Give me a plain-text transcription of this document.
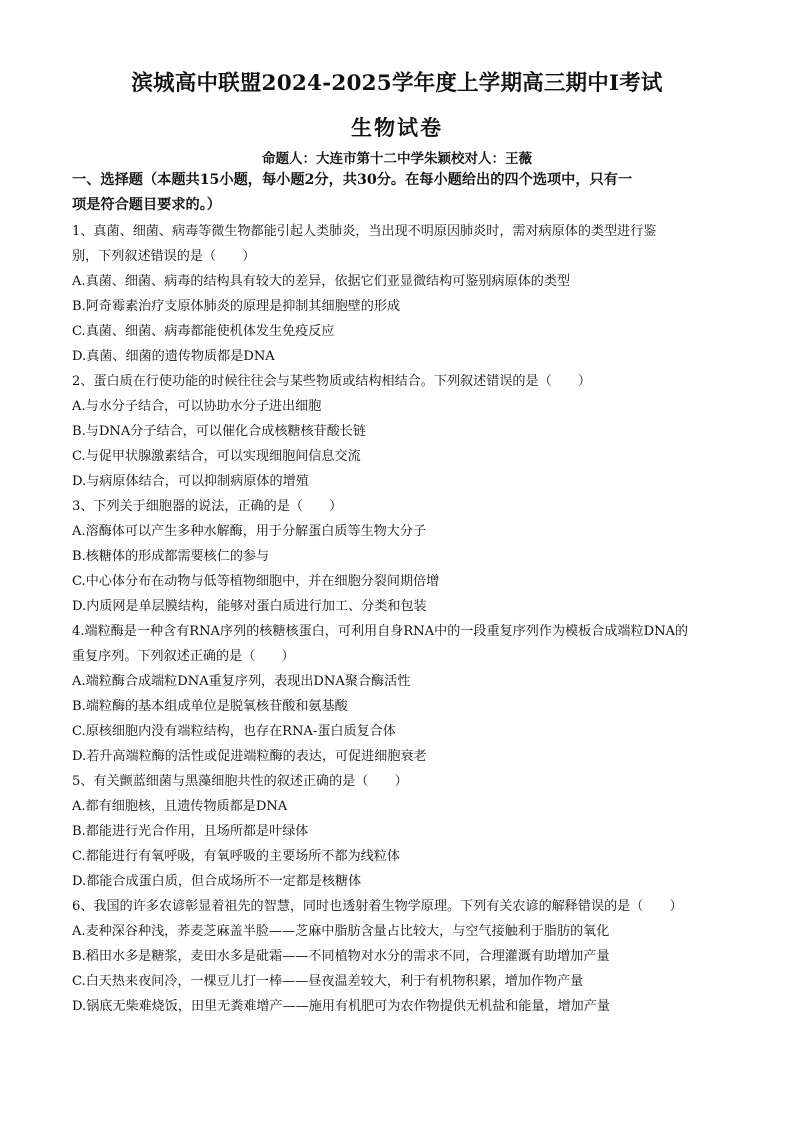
滨城高中联盟2024-2025学年度上学期高三期中Ⅰ考试
生物试卷
命题人：大连市第十二中学朱颖校对人：王薇
一、选择题（本题共15小题，每小题2分，共30分。在每小题给出的四个选项中，只有一
项是符合题目要求的。）
1、真菌、细菌、病毒等微生物都能引起人类肺炎，当出现不明原因肺炎时，需对病原体的类型进行鉴
别，下列叙述错误的是（　　）
A.真菌、细菌、病毒的结构具有较大的差异，依据它们亚显微结构可鉴别病原体的类型
B.阿奇霉素治疗支原体肺炎的原理是抑制其细胞壁的形成
C.真菌、细菌、病毒都能使机体发生免疫反应
D.真菌、细菌的遗传物质都是DNA
2、蛋白质在行使功能的时候往往会与某些物质或结构相结合。下列叙述错误的是（　　）
A.与水分子结合，可以协助水分子进出细胞
B.与DNA分子结合，可以催化合成核糖核苷酸长链
C.与促甲状腺激素结合，可以实现细胞间信息交流
D.与病原体结合，可以抑制病原体的增殖
3、下列关于细胞器的说法，正确的是（　　）
A.溶酶体可以产生多种水解酶，用于分解蛋白质等生物大分子
B.核糖体的形成都需要核仁的参与
C.中心体分布在动物与低等植物细胞中，并在细胞分裂间期倍增
D.内质网是单层膜结构，能够对蛋白质进行加工、分类和包装
4.端粒酶是一种含有RNA序列的核糖核蛋白，可利用自身RNA中的一段重复序列作为模板合成端粒DNA的
重复序列。下列叙述正确的是（　　）
A.端粒酶合成端粒DNA重复序列，表现出DNA聚合酶活性
B.端粒酶的基本组成单位是脱氧核苷酸和氨基酸
C.原核细胞内没有端粒结构，也存在RNA-蛋白质复合体
D.若升高端粒酶的活性或促进端粒酶的表达，可促进细胞衰老
5、有关颤蓝细菌与黑藻细胞共性的叙述正确的是（　　）
A.都有细胞核，且遗传物质都是DNA
B.都能进行光合作用，且场所都是叶绿体
C.都能进行有氧呼吸，有氧呼吸的主要场所不都为线粒体
D.都能合成蛋白质，但合成场所不一定都是核糖体
6、我国的许多农谚彰显着祖先的智慧，同时也透射着生物学原理。下列有关农谚的解释错误的是（　　）
A.麦种深谷种浅，荞麦芝麻盖半脸——芝麻中脂肪含量占比较大，与空气接触利于脂肪的氧化
B.稻田水多是糖浆，麦田水多是砒霜——不同植物对水分的需求不同，合理灌溉有助增加产量
C.白天热来夜间冷，一棵豆儿打一棒——昼夜温差较大，利于有机物积累，增加作物产量
D.锅底无柴难烧饭，田里无粪难增产——施用有机肥可为农作物提供无机盐和能量，增加产量
